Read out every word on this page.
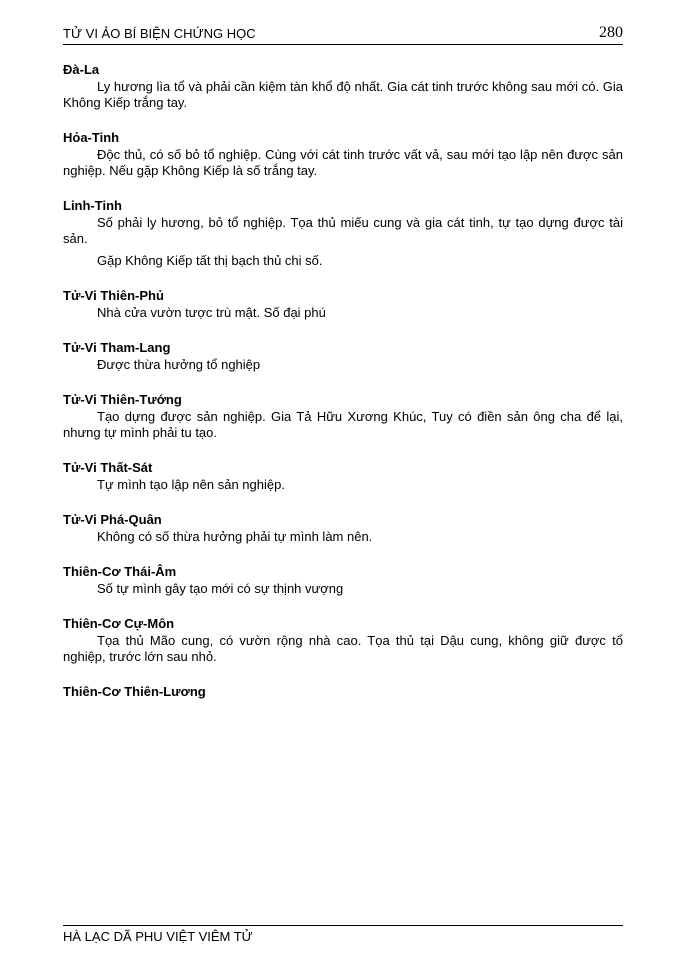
TỬ VI ẢO BÍ BIỆN CHỨNG HỌC	280
Đà-La

Ly hương lìa tổ và phải cần kiệm tàn khổ độ nhất. Gia cát tinh trước không sau mới có. Gia Không Kiếp trắng tay.

Hỏa-Tinh

Độc thủ, có số bỏ tổ nghiệp. Cùng với cát tinh trước vất vả, sau mới tạo lập nên được sản nghiệp. Nếu gặp Không Kiếp là số trắng tay.

Linh-Tinh

Số phải ly hương, bỏ tổ nghiệp. Tọa thủ miếu cung và gia cát tinh, tự tạo dựng được tài sản.

Gặp Không Kiếp tất thị bạch thủ chi số.

Tử-Vi Thiên-Phủ

Nhà cửa vườn tược trù mật. Số đại phú

Tử-Vi Tham-Lang

Được thừa hưởng tổ nghiệp

Tử-Vi Thiên-Tướng

Tạo dựng được sản nghiệp. Gia Tả Hữu Xương Khúc, Tuy có điền sản ông cha để lại, nhưng tự mình phải tu tạo.

Tử-Vi Thất-Sát

Tự mình tạo lập nên sản nghiệp.

Tử-Vi Phá-Quân

Không có số thừa hưởng phải tự mình làm nên.

Thiên-Cơ Thái-Âm

Số tự mình gây tạo mới có sự thịnh vượng

Thiên-Cơ Cự-Môn

Tọa thủ Mão cung, có vườn rộng nhà cao. Tọa thủ tại Dậu cung, không giữ được tổ nghiệp, trước lớn sau nhỏ.

Thiên-Cơ Thiên-Lương
HÀ LẠC DÃ PHU VIỆT VIÊM TỬ
